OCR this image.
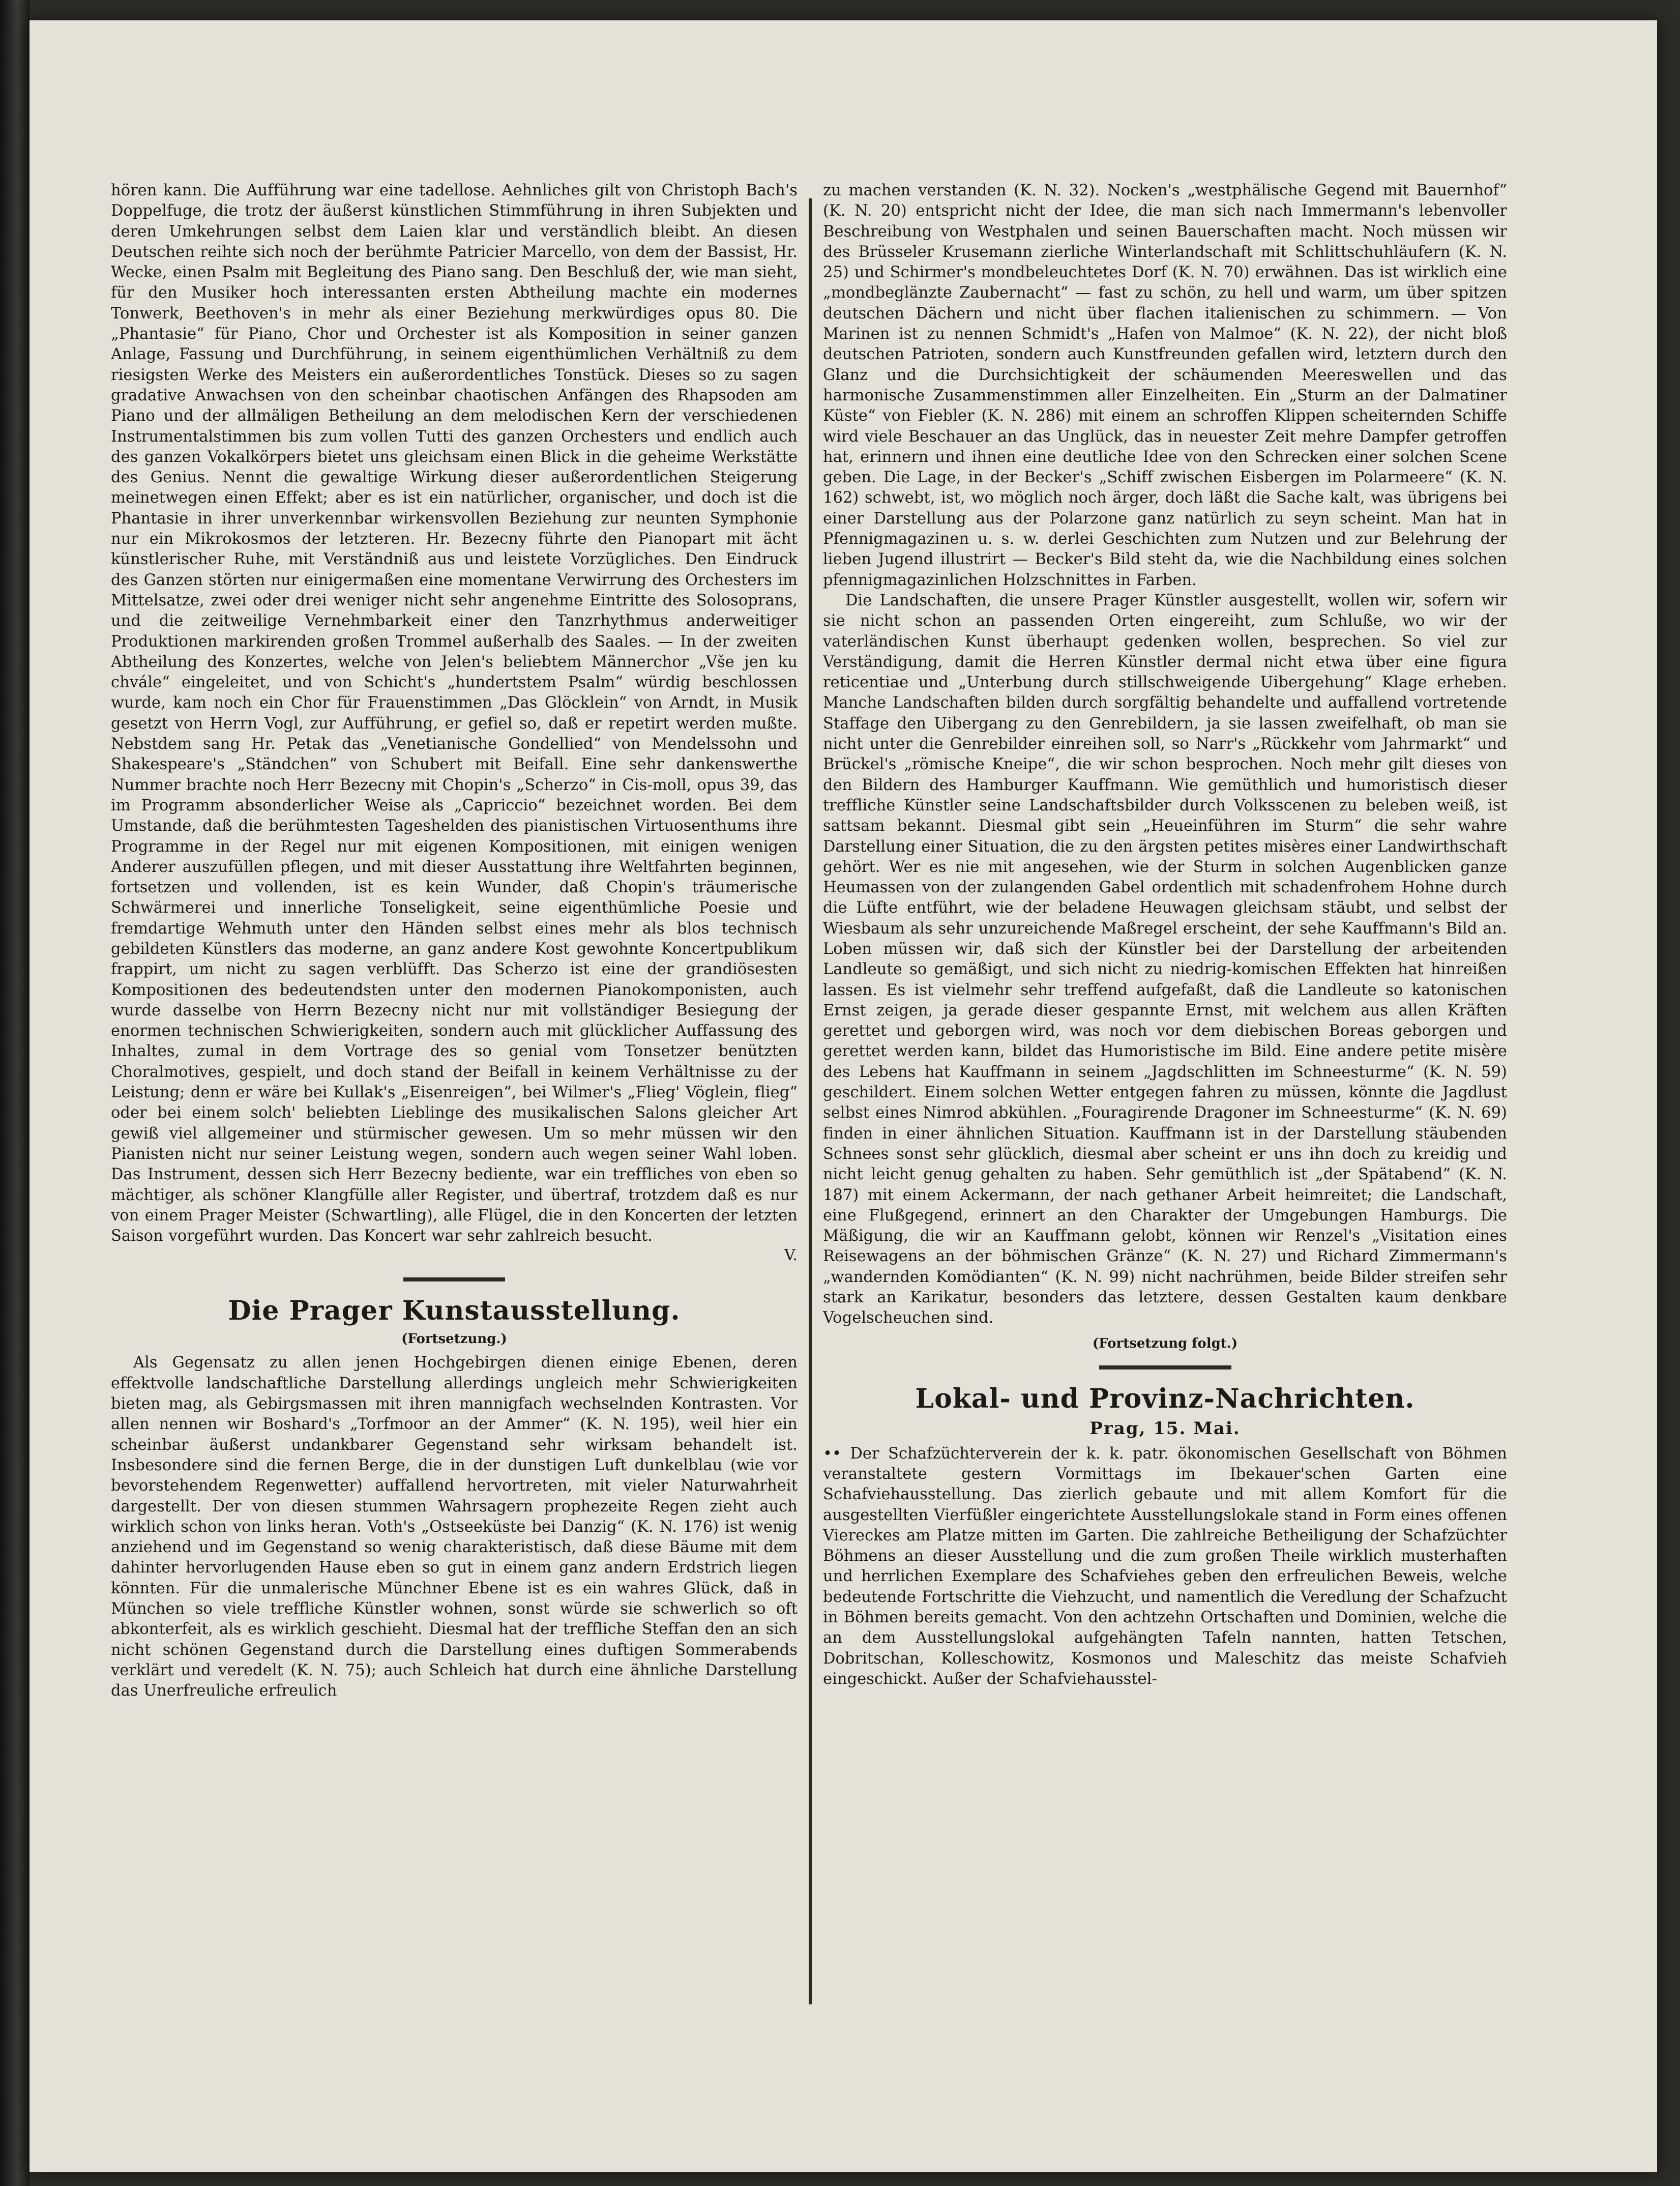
hören kann. Die Aufführung war eine tadellose. Aehnliches gilt von Christoph Bach's Doppelfuge, die trotz der äußerst künstlichen Stimmführung in ihren Subjekten und deren Umkehrungen selbst dem Laien klar und verständlich bleibt. An diesen Deutschen reihte sich noch der berühmte Patricier Marcello, von dem der Bassist, Hr. Wecke, einen Psalm mit Begleitung des Piano sang. Den Beschluß der, wie man sieht, für den Musiker hoch interessanten ersten Abtheilung machte ein modernes Tonwerk, Beethoven's in mehr als einer Beziehung merkwürdiges opus 80. Die „Phantasie“ für Piano, Chor und Orchester ist als Komposition in seiner ganzen Anlage, Fassung und Durchführung, in seinem eigenthümlichen Verhältniß zu dem riesigsten Werke des Meisters ein außerordentliches Tonstück. Dieses so zu sagen gradative Anwachsen von den scheinbar chaotischen Anfängen des Rhapsoden am Piano und der allmäligen Betheilung an dem melodischen Kern der verschiedenen Instrumentalstimmen bis zum vollen Tutti des ganzen Orchesters und endlich auch des ganzen Vokalkörpers bietet uns gleichsam einen Blick in die geheime Werkstätte des Genius. Nennt die gewaltige Wirkung dieser außerordentlichen Steigerung meinetwegen einen Effekt; aber es ist ein natürlicher, organischer, und doch ist die Phantasie in ihrer unverkennbar wirkensvollen Beziehung zur neunten Symphonie nur ein Mikrokosmos der letzteren. Hr. Bezecny führte den Pianopart mit ächt künstlerischer Ruhe, mit Verständniß aus und leistete Vorzügliches. Den Eindruck des Ganzen störten nur einigermaßen eine momentane Verwirrung des Orchesters im Mittelsatze, zwei oder drei weniger nicht sehr angenehme Eintritte des Solosoprans, und die zeitweilige Vernehmbarkeit einer den Tanzrhythmus anderweitiger Produktionen markirenden großen Trommel außerhalb des Saales. — In der zweiten Abtheilung des Konzertes, welche von Jelen's beliebtem Männerchor „Vše jen ku chvále“ eingeleitet, und von Schicht's „hundertstem Psalm“ würdig beschlossen wurde, kam noch ein Chor für Frauenstimmen „Das Glöcklein“ von Arndt, in Musik gesetzt von Herrn Vogl, zur Aufführung, er gefiel so, daß er repetirt werden mußte. Nebstdem sang Hr. Petak das „Venetianische Gondellied“ von Mendelssohn und Shakespeare's „Ständchen“ von Schubert mit Beifall. Eine sehr dankenswerthe Nummer brachte noch Herr Bezecny mit Chopin's „Scherzo“ in Cis-moll, opus 39, das im Programm absonderlicher Weise als „Capriccio“ bezeichnet worden. Bei dem Umstande, daß die berühmtesten Tageshelden des pianistischen Virtuosenthums ihre Programme in der Regel nur mit eigenen Kompositionen, mit einigen wenigen Anderer auszufüllen pflegen, und mit dieser Ausstattung ihre Weltfahrten beginnen, fortsetzen und vollenden, ist es kein Wunder, daß Chopin's träumerische Schwärmerei und innerliche Tonseligkeit, seine eigenthümliche Poesie und fremdartige Wehmuth unter den Händen selbst eines mehr als blos technisch gebildeten Künstlers das moderne, an ganz andere Kost gewohnte Koncertpublikum frappirt, um nicht zu sagen verblüfft. Das Scherzo ist eine der grandiösesten Kompositionen des bedeutendsten unter den modernen Pianokomponisten, auch wurde dasselbe von Herrn Bezecny nicht nur mit vollständiger Besiegung der enormen technischen Schwierigkeiten, sondern auch mit glücklicher Auffassung des Inhaltes, zumal in dem Vortrage des so genial vom Tonsetzer benützten Choralmotives, gespielt, und doch stand der Beifall in keinem Verhältnisse zu der Leistung; denn er wäre bei Kullak's „Eisenreigen“, bei Wilmer's „Flieg' Vöglein, flieg“ oder bei einem solch' beliebten Lieblinge des musikalischen Salons gleicher Art gewiß viel allgemeiner und stürmischer gewesen. Um so mehr müssen wir den Pianisten nicht nur seiner Leistung wegen, sondern auch wegen seiner Wahl loben. Das Instrument, dessen sich Herr Bezecny bediente, war ein treffliches von eben so mächtiger, als schöner Klangfülle aller Register, und übertraf, trotzdem daß es nur von einem Prager Meister (Schwartling), alle Flügel, die in den Koncerten der letzten Saison vorgeführt wurden. Das Koncert war sehr zahlreich besucht.

V.
Die Prager Kunstausstellung.
(Fortsetzung.)

Als Gegensatz zu allen jenen Hochgebirgen dienen einige Ebenen, deren effektvolle landschaftliche Darstellung allerdings ungleich mehr Schwierigkeiten bieten mag, als Gebirgsmassen mit ihren mannigfach wechselnden Kontrasten. Vor allen nennen wir Boshard's „Torfmoor an der Ammer“ (K. N. 195), weil hier ein scheinbar äußerst undankbarer Gegenstand sehr wirksam behandelt ist. Insbesondere sind die fernen Berge, die in der dunstigen Luft dunkelblau (wie vor bevorstehendem Regenwetter) auffallend hervortreten, mit vieler Naturwahrheit dargestellt. Der von diesen stummen Wahrsagern prophezeite Regen zieht auch wirklich schon von links heran. Voth's „Ostseeküste bei Danzig“ (K. N. 176) ist wenig anziehend und im Gegenstand so wenig charakteristisch, daß diese Bäume mit dem dahinter hervorlugenden Hause eben so gut in einem ganz andern Erdstrich liegen könnten. Für die unmalerische Münchner Ebene ist es ein wahres Glück, daß in München so viele treffliche Künstler wohnen, sonst würde sie schwerlich so oft abkonterfeit, als es wirklich geschieht. Diesmal hat der treffliche Steffan den an sich nicht schönen Gegenstand durch die Darstellung eines duftigen Sommerabends verklärt und veredelt (K. N. 75); auch Schleich hat durch eine ähnliche Darstellung das Unerfreuliche erfreulich

zu machen verstanden (K. N. 32). Nocken's „westphälische Gegend mit Bauernhof“ (K. N. 20) entspricht nicht der Idee, die man sich nach Immermann's lebenvoller Beschreibung von Westphalen und seinen Bauerschaften macht. Noch müssen wir des Brüsseler Krusemann zierliche Winterlandschaft mit Schlittschuhläufern (K. N. 25) und Schirmer's mondbeleuchtetes Dorf (K. N. 70) erwähnen. Das ist wirklich eine „mondbeglänzte Zaubernacht“ — fast zu schön, zu hell und warm, um über spitzen deutschen Dächern und nicht über flachen italienischen zu schimmern. — Von Marinen ist zu nennen Schmidt's „Hafen von Malmoe“ (K. N. 22), der nicht bloß deutschen Patrioten, sondern auch Kunstfreunden gefallen wird, letztern durch den Glanz und die Durchsichtigkeit der schäumenden Meereswellen und das harmonische Zusammenstimmen aller Einzelheiten. Ein „Sturm an der Dalmatiner Küste“ von Fiebler (K. N. 286) mit einem an schroffen Klippen scheiternden Schiffe wird viele Beschauer an das Unglück, das in neuester Zeit mehre Dampfer getroffen hat, erinnern und ihnen eine deutliche Idee von den Schrecken einer solchen Scene geben. Die Lage, in der Becker's „Schiff zwischen Eisbergen im Polarmeere“ (K. N. 162) schwebt, ist, wo möglich noch ärger, doch läßt die Sache kalt, was übrigens bei einer Darstellung aus der Polarzone ganz natürlich zu seyn scheint. Man hat in Pfennigmagazinen u. s. w. derlei Geschichten zum Nutzen und zur Belehrung der lieben Jugend illustrirt — Becker's Bild steht da, wie die Nachbildung eines solchen pfennigmagazinlichen Holzschnittes in Farben.

Die Landschaften, die unsere Prager Künstler ausgestellt, wollen wir, sofern wir sie nicht schon an passenden Orten eingereiht, zum Schluße, wo wir der vaterländischen Kunst überhaupt gedenken wollen, besprechen. So viel zur Verständigung, damit die Herren Künstler dermal nicht etwa über eine figura reticentiae und „Unterbung durch stillschweigende Uibergehung“ Klage erheben. Manche Landschaften bilden durch sorgfältig behandelte und auffallend vortretende Staffage den Uibergang zu den Genrebildern, ja sie lassen zweifelhaft, ob man sie nicht unter die Genrebilder einreihen soll, so Narr's „Rückkehr vom Jahrmarkt“ und Brückel's „römische Kneipe“, die wir schon besprochen. Noch mehr gilt dieses von den Bildern des Hamburger Kauffmann. Wie gemüthlich und humoristisch dieser treffliche Künstler seine Landschaftsbilder durch Volksscenen zu beleben weiß, ist sattsam bekannt. Diesmal gibt sein „Heueinführen im Sturm“ die sehr wahre Darstellung einer Situation, die zu den ärgsten petites misères einer Landwirthschaft gehört. Wer es nie mit angesehen, wie der Sturm in solchen Augenblicken ganze Heumassen von der zulangenden Gabel ordentlich mit schadenfrohem Hohne durch die Lüfte entführt, wie der beladene Heuwagen gleichsam stäubt, und selbst der Wiesbaum als sehr unzureichende Maßregel erscheint, der sehe Kauffmann's Bild an. Loben müssen wir, daß sich der Künstler bei der Darstellung der arbeitenden Landleute so gemäßigt, und sich nicht zu niedrig-komischen Effekten hat hinreißen lassen. Es ist vielmehr sehr treffend aufgefaßt, daß die Landleute so katonischen Ernst zeigen, ja gerade dieser gespannte Ernst, mit welchem aus allen Kräften gerettet und geborgen wird, was noch vor dem diebischen Boreas geborgen und gerettet werden kann, bildet das Humoristische im Bild. Eine andere petite misère des Lebens hat Kauffmann in seinem „Jagdschlitten im Schneesturme“ (K. N. 59) geschildert. Einem solchen Wetter entgegen fahren zu müssen, könnte die Jagdlust selbst eines Nimrod abkühlen. „Fouragirende Dragoner im Schneesturme“ (K. N. 69) finden in einer ähnlichen Situation. Kauffmann ist in der Darstellung stäubenden Schnees sonst sehr glücklich, diesmal aber scheint er uns ihn doch zu kreidig und nicht leicht genug gehalten zu haben. Sehr gemüthlich ist „der Spätabend“ (K. N. 187) mit einem Ackermann, der nach gethaner Arbeit heimreitet; die Landschaft, eine Flußgegend, erinnert an den Charakter der Umgebungen Hamburgs. Die Mäßigung, die wir an Kauffmann gelobt, können wir Renzel's „Visitation eines Reisewagens an der böhmischen Gränze“ (K. N. 27) und Richard Zimmermann's „wandernden Komödianten“ (K. N. 99) nicht nachrühmen, beide Bilder streifen sehr stark an Karikatur, besonders das letztere, dessen Gestalten kaum denkbare Vogelscheuchen sind.

(Fortsetzung folgt.)
Lokal- und Provinz-Nachrichten.
Prag, 15. Mai.

•• Der Schafzüchterverein der k. k. patr. ökonomischen Gesellschaft von Böhmen veranstaltete gestern Vormittags im Ibekauer'schen Garten eine Schafviehausstellung. Das zierlich gebaute und mit allem Komfort für die ausgestellten Vierfüßler eingerichtete Ausstellungslokale stand in Form eines offenen Viereckes am Platze mitten im Garten. Die zahlreiche Betheiligung der Schafzüchter Böhmens an dieser Ausstellung und die zum großen Theile wirklich musterhaften und herrlichen Exemplare des Schafviehes geben den erfreulichen Beweis, welche bedeutende Fortschritte die Viehzucht, und namentlich die Veredlung der Schafzucht in Böhmen bereits gemacht. Von den achtzehn Ortschaften und Dominien, welche die an dem Ausstellungslokal aufgehängten Tafeln nannten, hatten Tetschen, Dobritschan, Kolleschowitz, Kosmonos und Maleschitz das meiste Schafvieh eingeschickt. Außer der Schafviehausstel-
